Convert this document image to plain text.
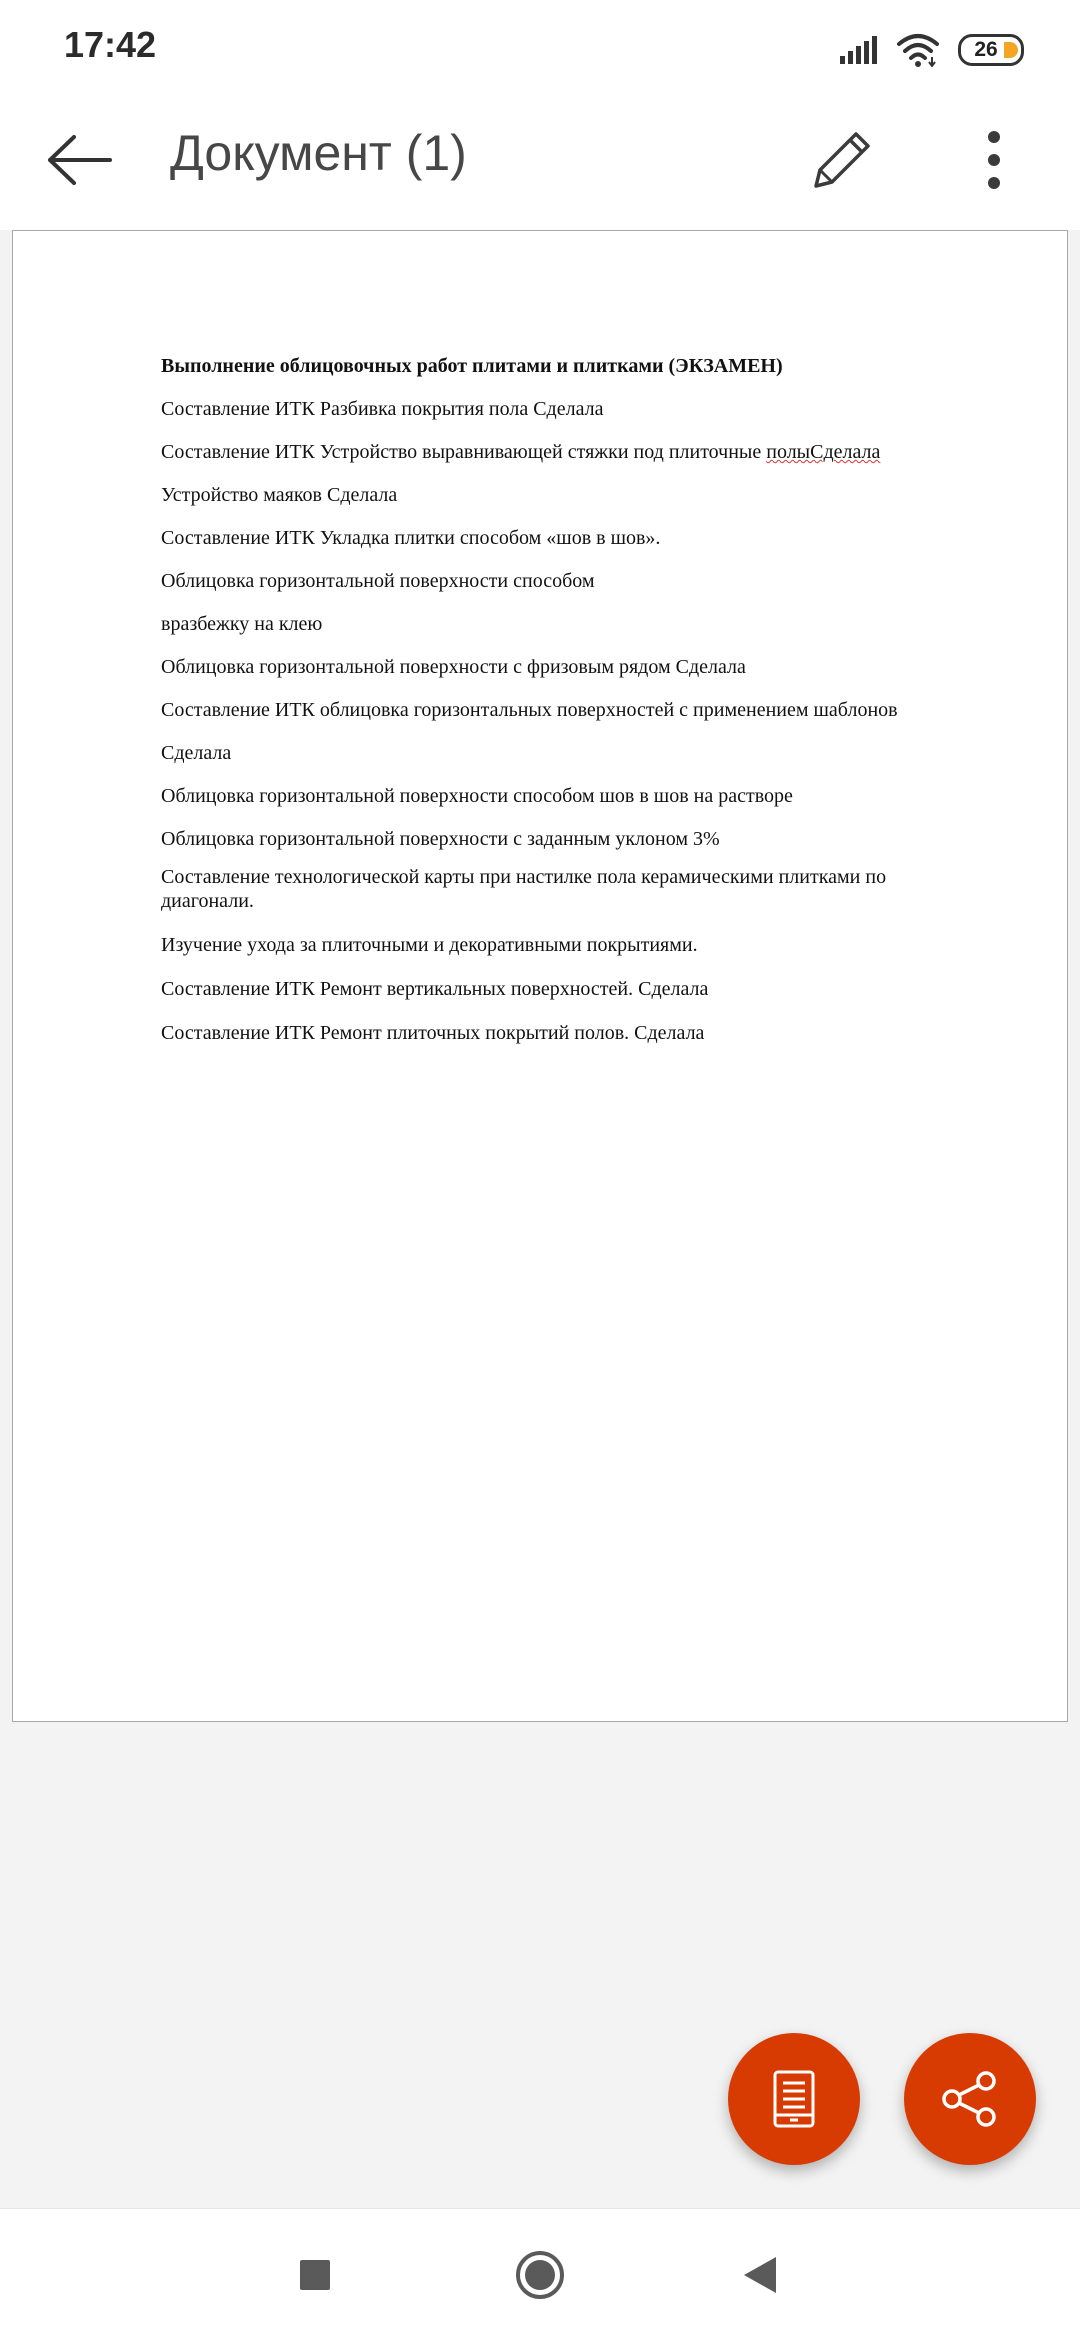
17:42	26
Документ (1)

Выполнение облицовочных работ плитами и плитками (ЭКЗАМЕН)

Составление ИТК Разбивка покрытия пола Сделала

Составление ИТК Устройство выравнивающей стяжки под плиточные полыСделала

Устройство маяков Сделала

Составление ИТК Укладка плитки способом «шов в шов».

Облицовка горизонтальной поверхности способом

вразбежку на клею

Облицовка горизонтальной поверхности с фризовым рядом Сделала

Составление ИТК облицовка горизонтальных поверхностей с применением шаблонов

Сделала

Облицовка горизонтальной поверхности способом шов в шов на растворе

Облицовка горизонтальной поверхности с заданным уклоном 3%

Составление технологической карты при настилке пола керамическими плитками по диагонали.

Изучение ухода за плиточными и декоративными покрытиями.

Составление ИТК Ремонт вертикальных поверхностей. Сделала

Составление ИТК Ремонт плиточных покрытий полов. Сделала
